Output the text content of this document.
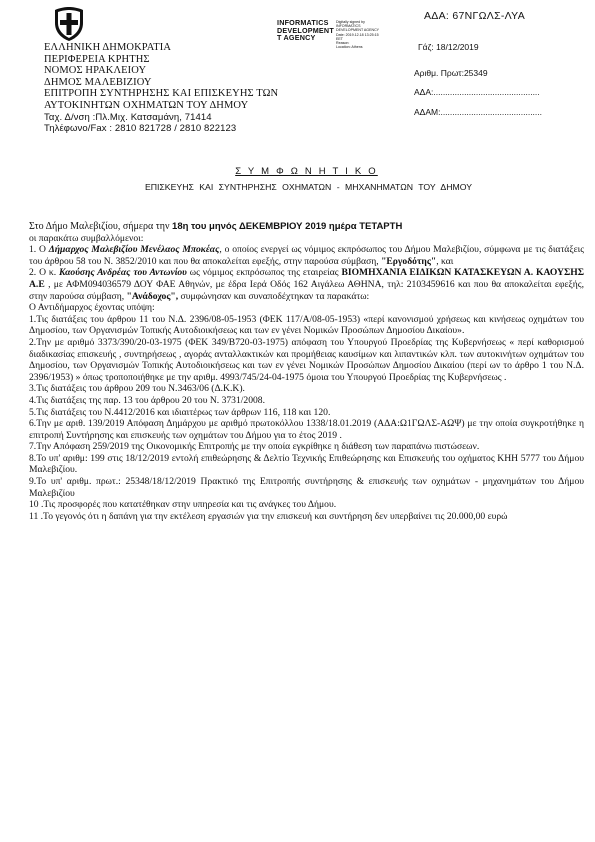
ΕΛΛΗΝΙΚΗ ΔΗΜΟΚΡΑΤΙΑ
ΠΕΡΙΦΕΡΕΙΑ ΚΡΗΤΗΣ
ΝΟΜΟΣ ΗΡΑΚΛΕΙΟΥ
ΔΗΜΟΣ ΜΑΛΕΒΙΖΙΟΥ
ΕΠΙΤΡΟΠΗ ΣΥΝΤΗΡΗΣΗΣ ΚΑΙ ΕΠΙΣΚΕΥΗΣ ΤΩΝ
ΑΥΤΟΚΙΝΗΤΩΝ ΟΧΗΜΑΤΩΝ ΤΟΥ ΔΗΜΟΥ
Ταχ. Δ/νση :Πλ.Μιχ. Κατσαμάνη, 71414
Τηλέφωνο/Fax : 2810 821728 / 2810 822123
INFORMATICS
DEVELOPMENT
T AGENCY
Digitally signed by
INFORMATICS
DEVELOPMENT AGENCY
Date: 2019.12.18 13:25:15
EET
Reason:
Location: Athens
ΑΔΑ: 67ΝΓΩΛΣ-ΛΥΑ
Γάζ: 18/12/2019
Αριθμ. Πρωτ:25349
ΑΔΑ:.............................................
ΑΔΑΜ:...........................................
Σ Υ Μ Φ Ω Ν Η Τ Ι Κ Ο
ΕΠΙΣΚΕΥΗΣ ΚΑΙ ΣΥΝΤΗΡΗΣΗΣ ΟΧΗΜΑΤΩΝ - ΜΗΧΑΝΗΜΑΤΩΝ ΤΟΥ ΔΗΜΟΥ

Στο Δήμο Μαλεβιζίου, σήμερα την 18η του μηνός ΔΕΚΕΜΒΡΙΟΥ 2019 ημέρα ΤΕΤΑΡΤΗ

οι παρακάτω συμβαλλόμενοι:

1. Ο Δήμαρχος Μαλεβιζίου Μενέλαος Μποκέας, ο οποίος ενεργεί ως νόμιμος εκπρόσωπος του Δήμου Μαλεβιζίου, σύμφωνα με τις διατάξεις του άρθρου 58 του Ν. 3852/2010 και που θα αποκαλείται εφεξής, στην παρούσα σύμβαση, "Εργοδότης", και

2. Ο κ. Καούσης Ανδρέας του Αντωνίου ως νόμιμος εκπρόσωπος της εταιρείας ΒΙΟΜΗΧΑΝΙΑ ΕΙΔΙΚΩΝ ΚΑΤΑΣΚΕΥΩΝ Α. ΚΑΟΥΣΗΣ Α.Ε , με ΑΦΜ094036579 ΔΟΥ ΦΑΕ Αθηνών, με έδρα Ιερά Οδός 162 Αιγάλεω ΑΘΗΝΑ, τηλ: 2103459616 και που θα αποκαλείται εφεξής, στην παρούσα σύμβαση, "Ανάδοχος", συμφώνησαν και συναποδέχτηκαν τα παρακάτω:

Ο Αντιδήμαρχος έχοντας υπόψη:

1.Τις διατάξεις του άρθρου 11 του Ν.Δ. 2396/08-05-1953 (ΦΕΚ 117/Α/08-05-1953) «περί κανονισμού χρήσεως και κινήσεως οχημάτων του Δημοσίου, των Οργανισμών Τοπικής Αυτοδιοικήσεως και των εν γένει Νομικών Προσώπων Δημοσίου Δικαίου».

2.Την με αριθμό 3373/390/20-03-1975 (ΦΕΚ 349/Β720-03-1975) απόφαση του Υπουργού Προεδρίας της Κυβερνήσεως « περί καθορισμού διαδικασίας επισκευής , συντηρήσεως , αγοράς ανταλλακτικών και προμήθειας καυσίμων και λιπαντικών κλπ. των αυτοκινήτων οχημάτων του Δημοσίου, των Οργανισμών Τοπικής Αυτοδιοικήσεως και των εν γένει Νομικών Προσώπων Δημοσίου Δικαίου (περί ων το άρθρο 1 του Ν.Δ. 2396/1953) » όπως τροποποιήθηκε με την αριθμ. 4993/745/24-04-1975 όμοια του Υπουργού Προεδρίας της Κυβερνήσεως .

3.Τις διατάξεις του άρθρου 209 του Ν.3463/06 (Δ.Κ.Κ).

4.Τις διατάξεις της παρ. 13 του άρθρου 20 του Ν. 3731/2008.

5.Τις διατάξεις του Ν.4412/2016 και ιδιαιτέρως των άρθρων 116, 118 και 120.

6.Την με αριθ. 139/2019 Απόφαση Δημάρχου με αριθμό πρωτοκόλλου 1338/18.01.2019 (ΑΔΑ:Ω1ΓΩΛΣ-ΑΩΨ) με την οποία συγκροτήθηκε η επιτροπή Συντήρησης και επισκευής των οχημάτων του Δήμου για το έτος 2019 .

7.Την Απόφαση 259/2019 της Οικονομικής Επιτροπής με την οποία εγκρίθηκε η διάθεση των παραπάνω πιστώσεων.

8.Το υπ' αριθμ: 199 στις 18/12/2019 εντολή επιθεώρησης & Δελτίο Τεχνικής Επιθεώρησης και Επισκευής του οχήματος ΚΗΗ 5777 του Δήμου Μαλεβιζίου.

9.Το υπ' αριθμ. πρωτ.: 25348/18/12/2019 Πρακτικό της Επιτροπής συντήρησης & επισκευής των οχημάτων - μηχανημάτων του Δήμου Μαλεβιζίου

10 .Τις προσφορές που κατατέθηκαν στην υπηρεσία και τις ανάγκες του Δήμου.

11 .Το γεγονός ότι η δαπάνη για την εκτέλεση εργασιών για την επισκευή και συντήρηση δεν υπερβαίνει τις 20.000,00 ευρώ
